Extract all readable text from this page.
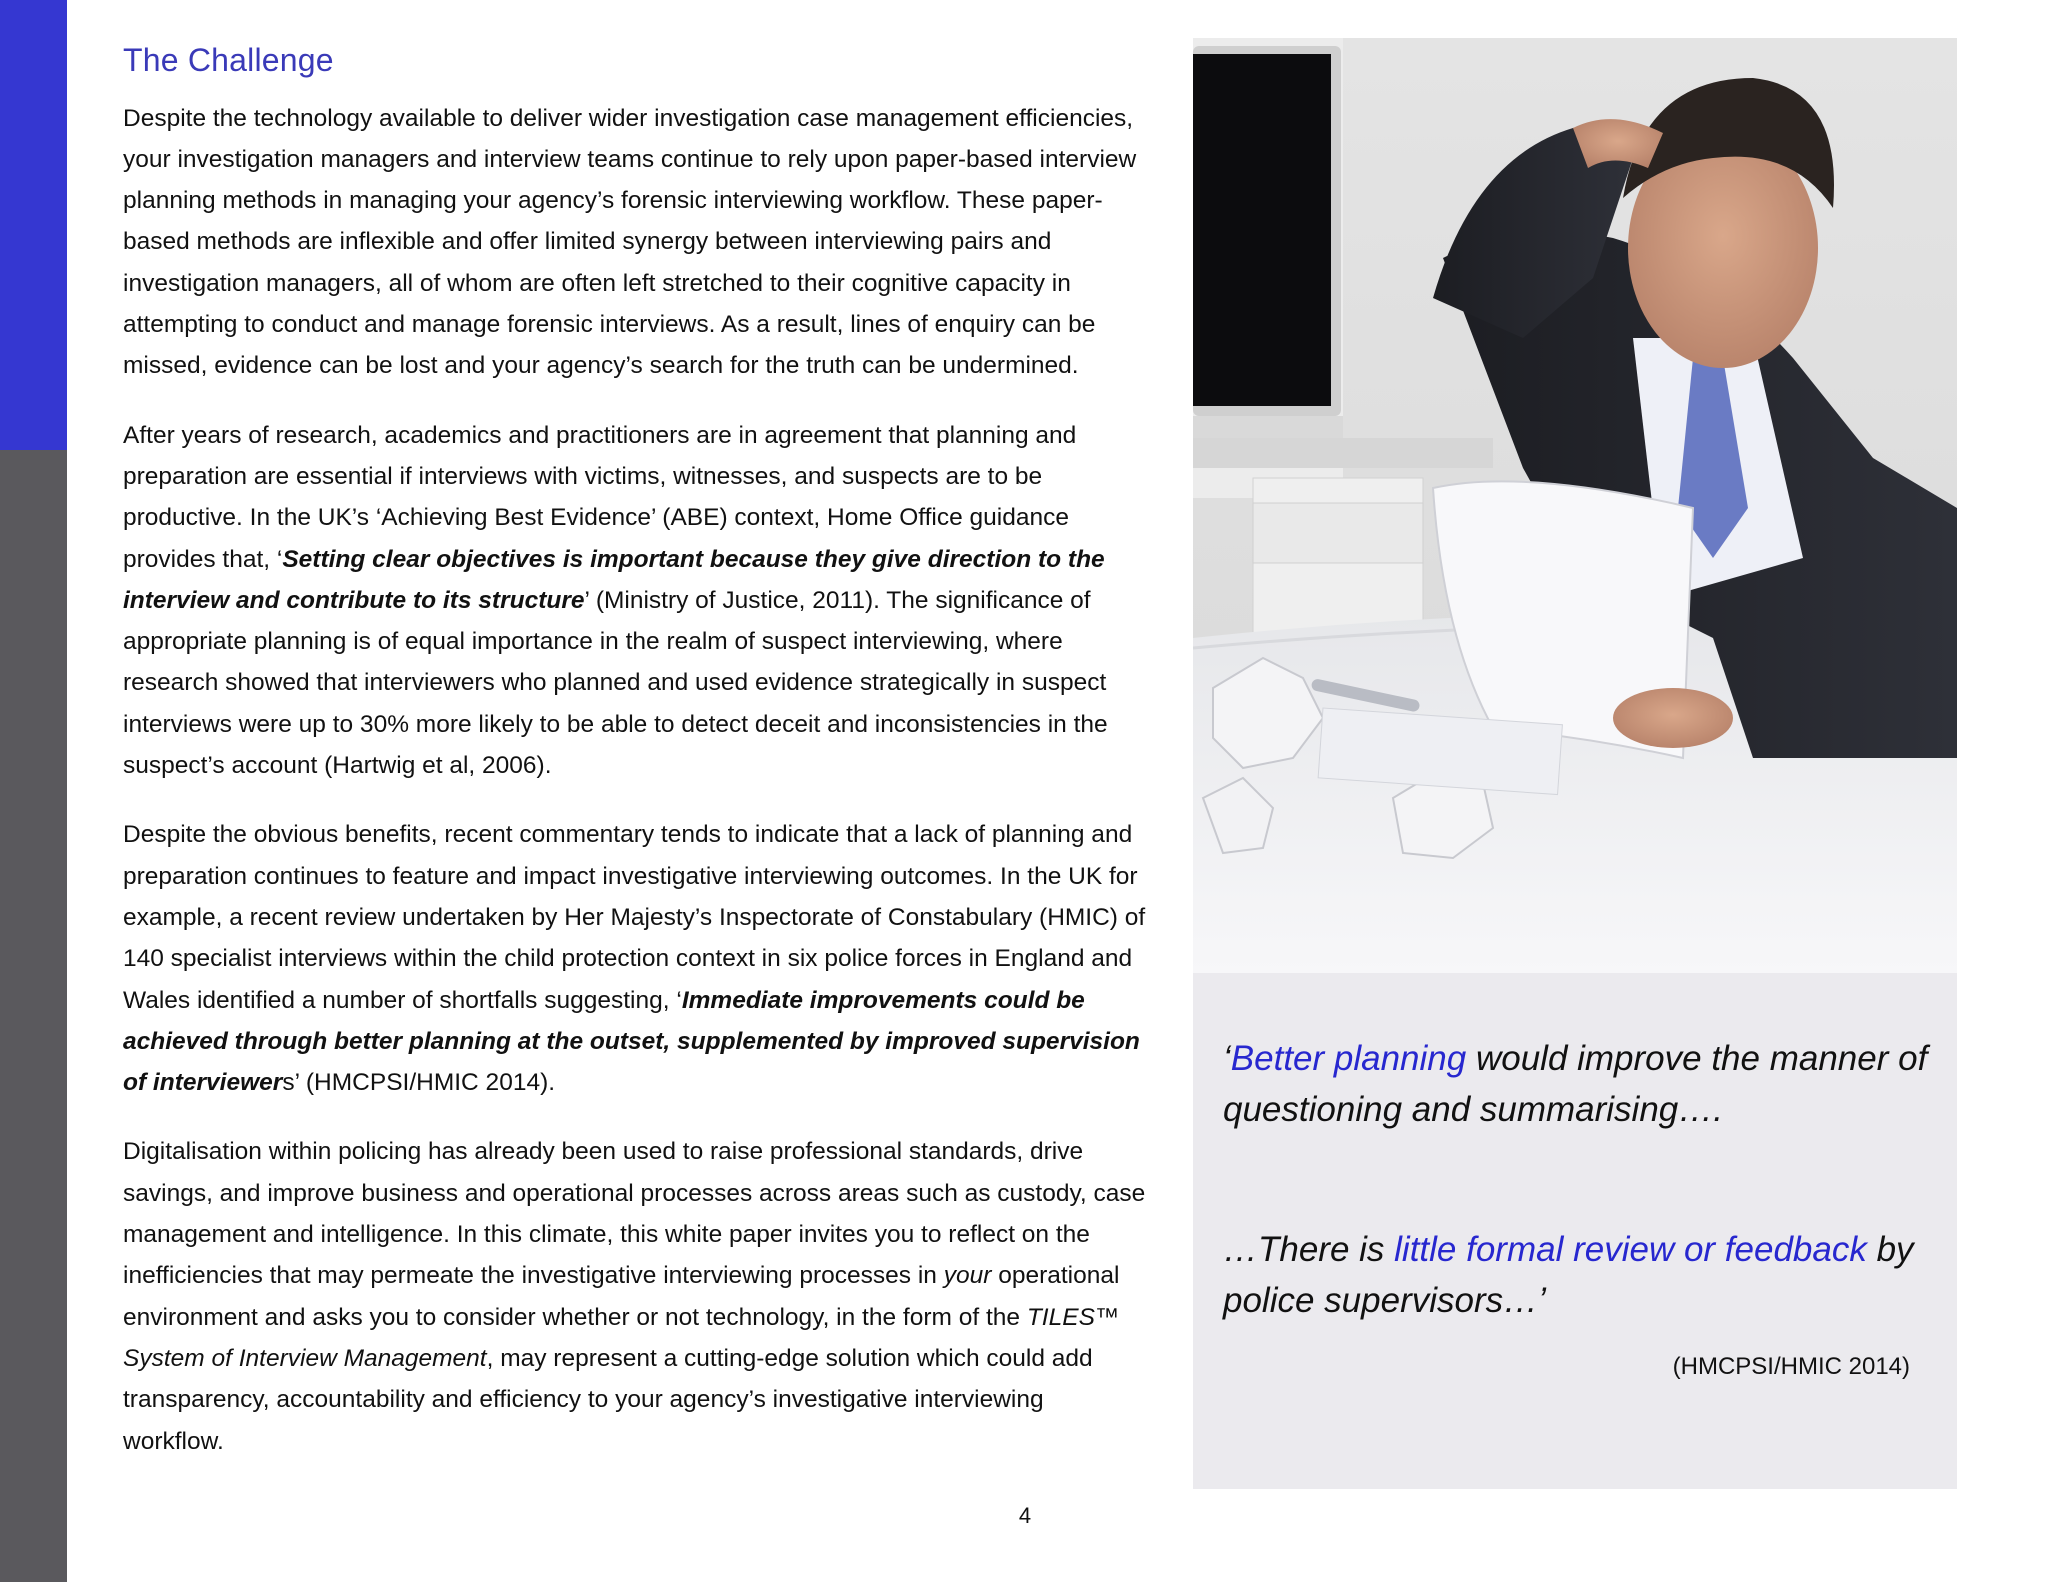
The Challenge

Despite the technology available to deliver wider investigation case management efficiencies, your investigation managers and interview teams continue to rely upon paper-based interview planning methods in managing your agency’s forensic interviewing workflow. These paper-based methods are inflexible and offer limited synergy between interviewing pairs and investigation managers, all of whom are often left stretched to their cognitive capacity in attempting to conduct and manage forensic interviews. As a result, lines of enquiry can be missed, evidence can be lost and your agency’s search for the truth can be undermined.

After years of research, academics and practitioners are in agreement that planning and preparation are essential if interviews with victims, witnesses, and suspects are to be productive. In the UK’s ‘Achieving Best Evidence’ (ABE) context, Home Office guidance provides that, ‘Setting clear objectives is important because they give direction to the interview and contribute to its structure’ (Ministry of Justice, 2011). The significance of appropriate planning is of equal importance in the realm of suspect interviewing, where research showed that interviewers who planned and used evidence strategically in suspect interviews were up to 30% more likely to be able to detect deceit and inconsistencies in the suspect’s account (Hartwig et al, 2006).

Despite the obvious benefits, recent commentary tends to indicate that a lack of planning and preparation continues to feature and impact investigative interviewing outcomes. In the UK for example, a recent review undertaken by Her Majesty’s Inspectorate of Constabulary (HMIC) of 140 specialist interviews within the child protection context in six police forces in England and Wales identified a number of shortfalls suggesting, ‘Immediate improvements could be achieved through better planning at the outset, supplemented by improved supervision of interviewers’ (HMCPSI/HMIC 2014).

Digitalisation within policing has already been used to raise professional standards, drive savings, and improve business and operational processes across areas such as custody, case management and intelligence. In this climate, this white paper invites you to reflect on the inefficiencies that may permeate the investigative interviewing processes in your operational environment and asks you to consider whether or not technology, in the form of the TILES™ System of Interview Management, may represent a cutting-edge solution which could add transparency, accountability and efficiency to your agency’s investigative interviewing workflow.

4
‘Better planning would improve the manner of questioning and summarising….
…There is little formal review or feedback by police supervisors…’
(HMCPSI/HMIC 2014)
